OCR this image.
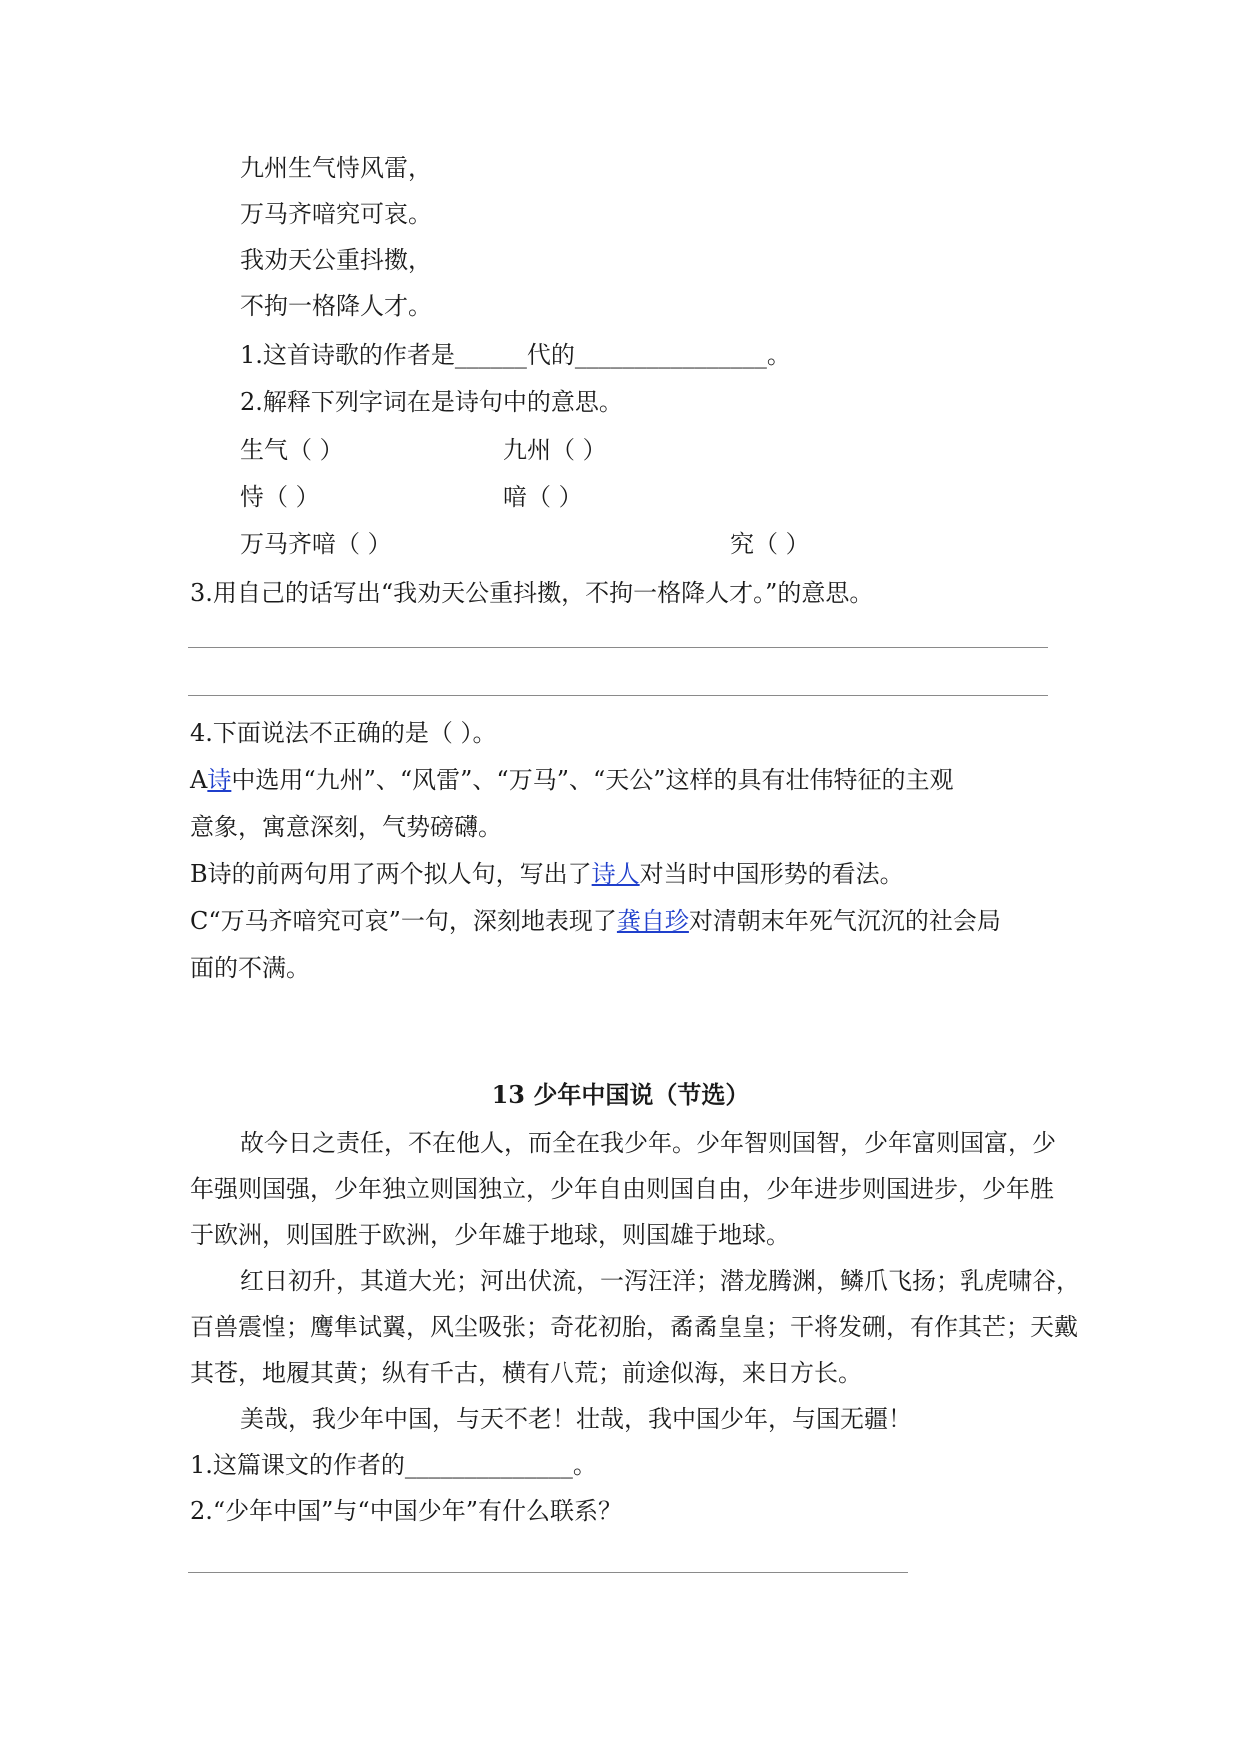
九州生气恃风雷，
万马齐喑究可哀。
我劝天公重抖擞，
不拘一格降人才。
1.这首诗歌的作者是______代的________________。
2.解释下列字词在是诗句中的意思。
生气（ ）	九州（ ）
恃（ ）	喑（ ）
万马齐喑（ ）	究（ ）
3.用自己的话写出“我劝天公重抖擞，不拘一格降人才。”的意思。
4.下面说法不正确的是（ ）。
A诗中选用“九州”、“风雷”、“万马”、“天公”这样的具有壮伟特征的主观
意象，寓意深刻，气势磅礴。
B诗的前两句用了两个拟人句，写出了诗人对当时中国形势的看法。
C“万马齐喑究可哀”一句，深刻地表现了龚自珍对清朝末年死气沉沉的社会局
面的不满。
13 少年中国说（节选）
故今日之责任，不在他人，而全在我少年。少年智则国智，少年富则国富，少
年强则国强，少年独立则国独立，少年自由则国自由，少年进步则国进步，少年胜
于欧洲，则国胜于欧洲，少年雄于地球，则国雄于地球。
红日初升，其道大光；河出伏流，一泻汪洋；潜龙腾渊，鳞爪飞扬；乳虎啸谷，
百兽震惶；鹰隼试翼，风尘吸张；奇花初胎，矞矞皇皇；干将发硎，有作其芒；天戴
其苍，地履其黄；纵有千古，横有八荒；前途似海，来日方长。
美哉，我少年中国，与天不老！壮哉，我中国少年，与国无疆！
1.这篇课文的作者的______________。
2.“少年中国”与“中国少年”有什么联系？
